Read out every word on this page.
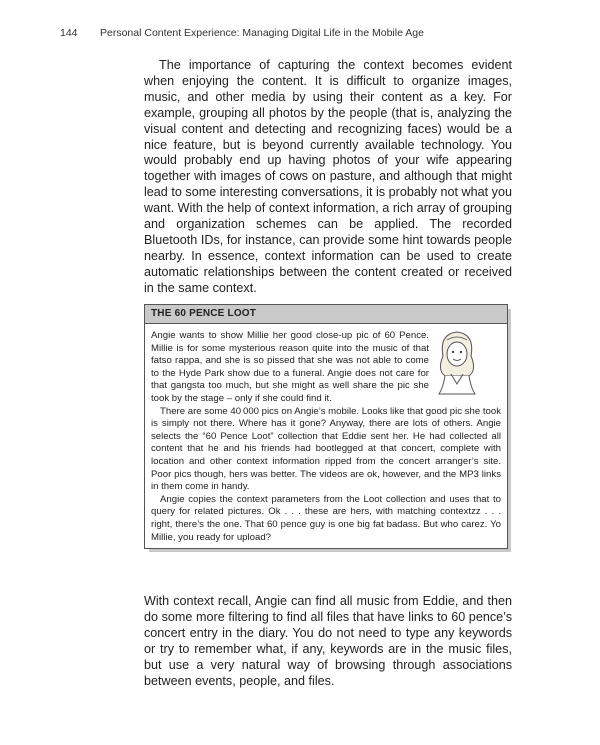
144 Personal Content Experience: Managing Digital Life in the Mobile Age

The importance of capturing the context becomes evident when enjoying the content. It is difficult to organize images, music, and other media by using their content as a key. For example, grouping all photos by the people (that is, analyzing the visual content and detecting and recognizing faces) would be a nice feature, but is beyond currently available technology. You would probably end up having photos of your wife appearing together with images of cows on pasture, and although that might lead to some interesting conversations, it is probably not what you want. With the help of context information, a rich array of grouping and organization schemes can be applied. The recorded Bluetooth IDs, for instance, can provide some hint towards people nearby. In essence, context information can be used to create automatic relationships between the content created or received in the same context.

THE 60 PENCE LOOT

Angie wants to show Millie her good close-up pic of 60 Pence. Millie is for some mysterious reason quite into the music of that fatso rappa, and she is so pissed that she was not able to come to the Hyde Park show due to a funeral. Angie does not care for that gangsta too much, but she might as well share the pic she took by the stage – only if she could find it.

There are some 40 000 pics on Angie’s mobile. Looks like that good pic she took is simply not there. Where has it gone? Anyway, there are lots of others. Angie selects the “60 Pence Loot” collection that Eddie sent her. He had collected all content that he and his friends had bootlegged at that concert, complete with location and other context information ripped from the concert arranger’s site. Poor pics though, hers was better. The videos are ok, however, and the MP3 links in them come in handy.

Angie copies the context parameters from the Loot collection and uses that to query for related pictures. Ok . . . these are hers, with matching contextzz . . . right, there’s the one. That 60 pence guy is one big fat badass. But who carez. Yo Millie, you ready for upload?

With context recall, Angie can find all music from Eddie, and then do some more filtering to find all files that have links to 60 pence’s concert entry in the diary. You do not need to type any keywords or try to remember what, if any, keywords are in the music files, but use a very natural way of browsing through associations between events, people, and files.
